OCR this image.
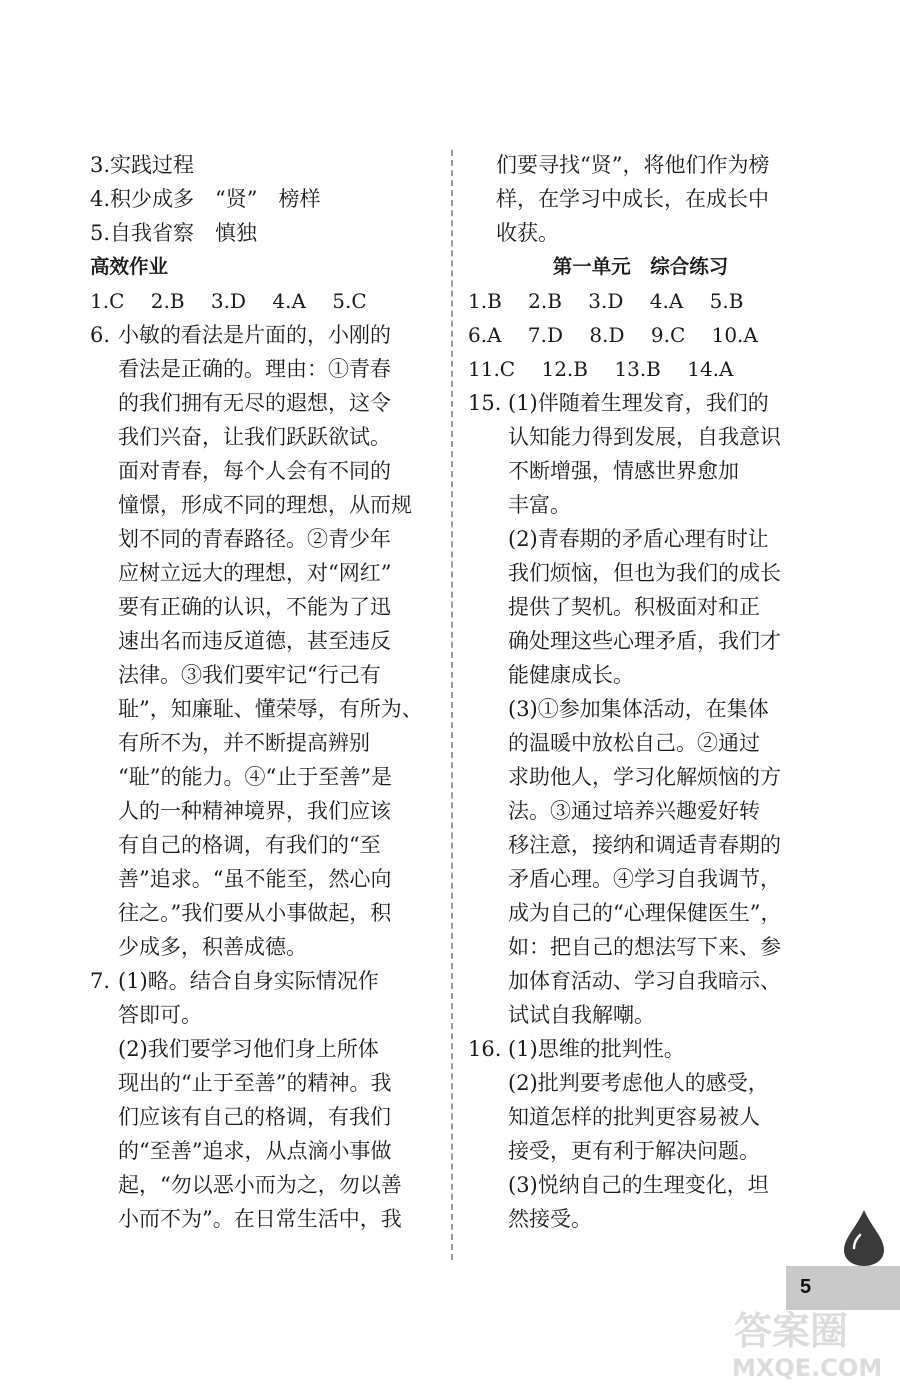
3.实践过程
4.积少成多　“贤”　榜样
5.自我省察　慎独
高效作业
1.C 2.B 3.D 4.A 5.C
6. 小敏的看法是片面的，小刚的
看法是正确的。理由：①青春
的我们拥有无尽的遐想，这令
我们兴奋，让我们跃跃欲试。
面对青春，每个人会有不同的
憧憬，形成不同的理想，从而规
划不同的青春路径。②青少年
应树立远大的理想，对“网红”
要有正确的认识，不能为了迅
速出名而违反道德，甚至违反
法律。③我们要牢记“行己有
耻”，知廉耻、懂荣辱，有所为、
有所不为，并不断提高辨别
“耻”的能力。④“止于至善”是
人的一种精神境界，我们应该
有自己的格调，有我们的“至
善”追求。“虽不能至，然心向
往之。”我们要从小事做起，积
少成多，积善成德。
7. (1)略。结合自身实际情况作
答即可。
(2)我们要学习他们身上所体
现出的“止于至善”的精神。我
们应该有自己的格调，有我们
的“至善”追求，从点滴小事做
起，“勿以恶小而为之，勿以善
小而不为”。在日常生活中，我
们要寻找“贤”，将他们作为榜
样，在学习中成长，在成长中
收获。
第一单元　综合练习
1.B 2.B 3.D 4.A 5.B
6.A 7.D 8.D 9.C 10.A
11.C 12.B 13.B 14.A
15. (1)伴随着生理发育，我们的
认知能力得到发展，自我意识
不断增强，情感世界愈加
丰富。
(2)青春期的矛盾心理有时让
我们烦恼，但也为我们的成长
提供了契机。积极面对和正
确处理这些心理矛盾，我们才
能健康成长。
(3)①参加集体活动，在集体
的温暖中放松自己。②通过
求助他人，学习化解烦恼的方
法。③通过培养兴趣爱好转
移注意，接纳和调适青春期的
矛盾心理。④学习自我调节，
成为自己的“心理保健医生”，
如：把自己的想法写下来、参
加体育活动、学习自我暗示、
试试自我解嘲。
16. (1)思维的批判性。
(2)批判要考虑他人的感受，
知道怎样的批判更容易被人
接受，更有利于解决问题。
(3)悦纳自己的生理变化，坦
然接受。
5
答案圈
MXQE.COM
